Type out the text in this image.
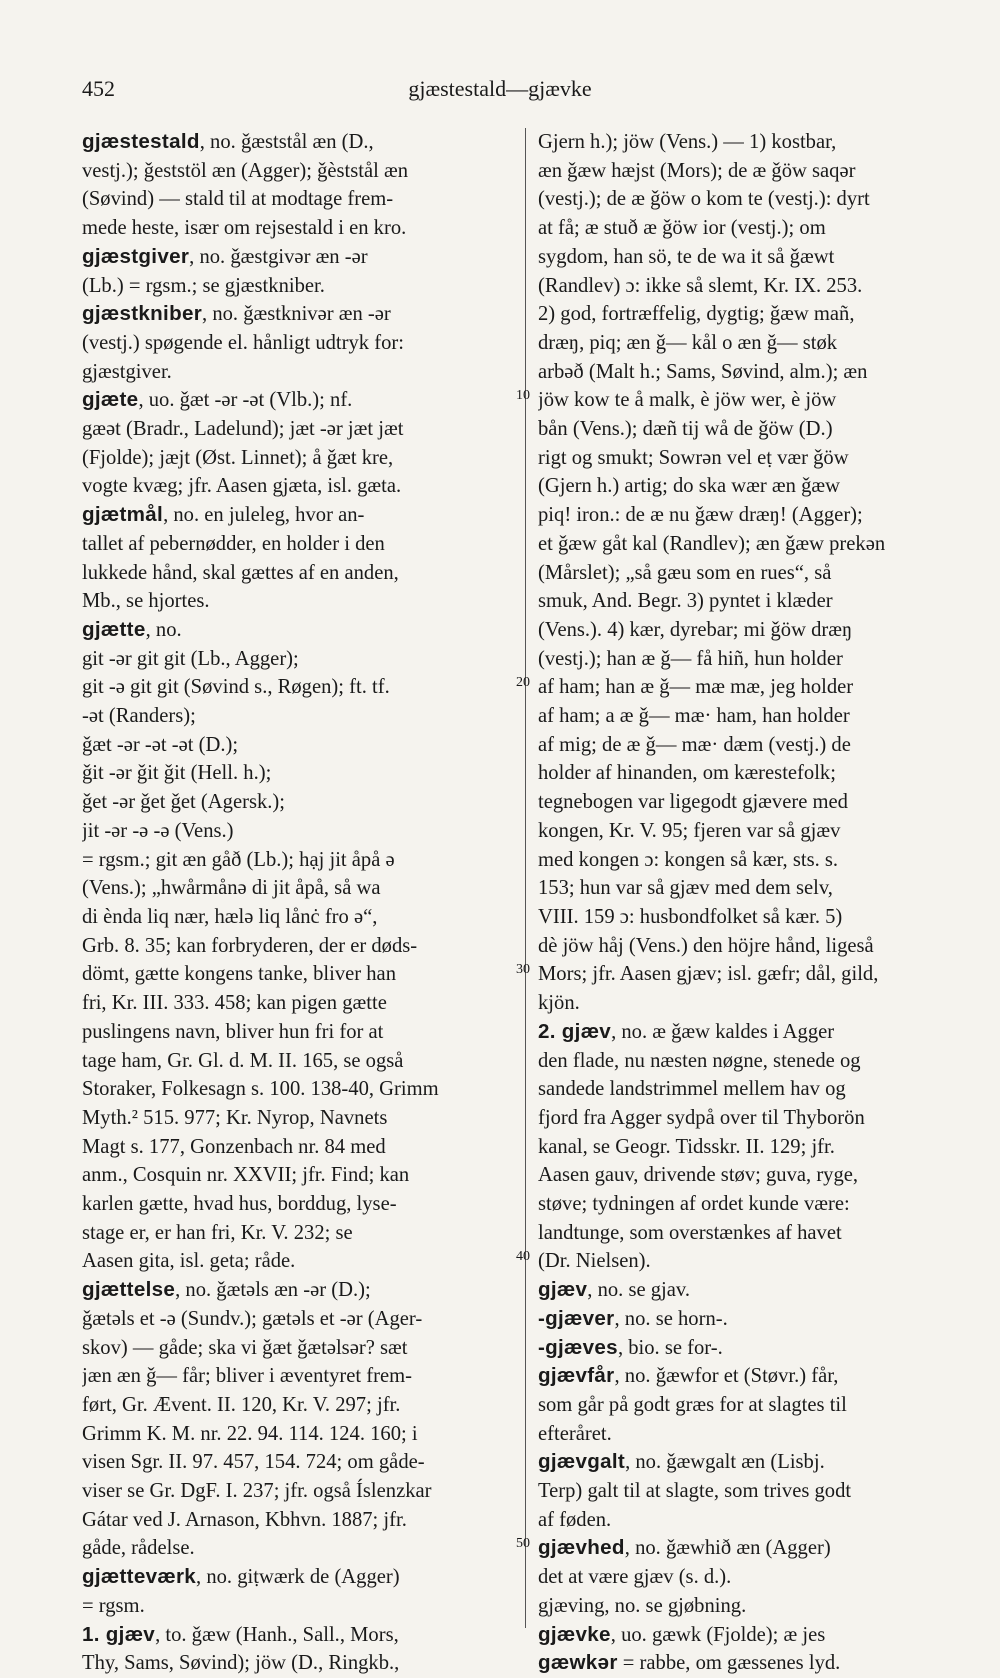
452	gjæstestald—gjævke
gjæstestald, no. ǧæststål æn (D.,
vestj.); ǧeststöl æn (Agger); ǧèststål æn
(Søvind) — stald til at modtage frem-
mede heste, især om rejsestald i en kro.
gjæstgiver, no. ǧæstgivər æn -ər
(Lb.) = rgsm.; se gjæstkniber.
gjæstkniber, no. ǧæstknivər æn -ər
(vestj.) spøgende el. hånligt udtryk for:
gjæstgiver.
gjæte, uo. ǧæt -ər -ət (Vlb.); nf.
gæət (Bradr., Ladelund); jæt -ər jæt jæt
(Fjolde); jæjt (Øst. Linnet); å ǧæt kre,
vogte kvæg; jfr. Aasen gjæta, isl. gæta.
gjætmål, no. en juleleg, hvor an-
tallet af pebernødder, en holder i den
lukkede hånd, skal gættes af en anden,
Mb., se hjortes.
gjætte, no.
git -ər git git (Lb., Agger);
git -ə git git (Søvind s., Røgen); ft. tf.
-ət (Randers);
ǧæt -ər -ət -ət (D.);
ǧit -ər ǧit ǧit (Hell. h.);
ǧet -ər ǧet ǧet (Agersk.);
jit -ər -ə -ə (Vens.)
= rgsm.; git æn gåð (Lb.); hạj jit åpå ə
(Vens.); „hwårmånə di jit åpå, så wa
di ènda liq nær, hælə liq lånċ fro ə“,
Grb. 8. 35; kan forbryderen, der er døds-
dömt, gætte kongens tanke, bliver han
fri, Kr. III. 333. 458; kan pigen gætte
puslingens navn, bliver hun fri for at
tage ham, Gr. Gl. d. M. II. 165, se også
Storaker, Folkesagn s. 100. 138-40, Grimm
Myth.² 515. 977; Kr. Nyrop, Navnets
Magt s. 177, Gonzenbach nr. 84 med
anm., Cosquin nr. XXVII; jfr. Find; kan
karlen gætte, hvad hus, borddug, lyse-
stage er, er han fri, Kr. V. 232; se
Aasen gita, isl. geta; råde.
gjættelse, no. ǧætəls æn -ər (D.);
ǧætəls et -ə (Sundv.); gætəls et -ər (Ager-
skov) — gåde; ska vi ǧæt ǧætəlsər? sæt
jæn æn ǧ— får; bliver i æventyret frem-
ført, Gr. Ævent. II. 120, Kr. V. 297; jfr.
Grimm K. M. nr. 22. 94. 114. 124. 160; i
visen Sgr. II. 97. 457, 154. 724; om gåde-
viser se Gr. DgF. I. 237; jfr. også Íslenzkar
Gátar ved J. Arnason, Kbhvn. 1887; jfr.
gåde, rådelse.
gjætteværk, no. giṭwærk de (Agger)
= rgsm.
1. gjæv, to. ǧæw (Hanh., Sall., Mors,
Thy, Sams, Søvind); jöw (D., Ringkb.,
Gjern h.); jöw (Vens.) — 1) kostbar,
æn ǧæw hæjst (Mors); de æ ǧöw saqər
(vestj.); de æ ǧöw o kom te (vestj.): dyrt
at få; æ stuð æ ǧöw ior (vestj.); om
sygdom, han sö, te de wa it så ǧæwt
(Randlev) ɔ: ikke så slemt, Kr. IX. 253.
2) god, fortræffelig, dygtig; ǧæw mañ,
dræŋ, piq; æn ǧ— kål o æn ǧ— støk
arbəð (Malt h.; Sams, Søvind, alm.); æn
jöw kow te å malk, è jöw wer, è jöw
bån (Vens.); dæñ tij wå de ǧöw (D.)
rigt og smukt; Sowrən vel eṭ vær ǧöw
(Gjern h.) artig; do ska wær æn ǧæw
piq! iron.: de æ nu ǧæw dræŋ! (Agger);
et ǧæw gåt kal (Randlev); æn ǧæw prekən
(Mårslet); „så gæu som en rues“, så
smuk, And. Begr. 3) pyntet i klæder
(Vens.). 4) kær, dyrebar; mi ǧöw dræŋ
(vestj.); han æ ǧ— få hiñ, hun holder
af ham; han æ ǧ— mæ mæ, jeg holder
af ham; a æ ǧ— mæ· ham, han holder
af mig; de æ ǧ— mæ· dæm (vestj.) de
holder af hinanden, om kærestefolk;
tegnebogen var ligegodt gjævere med
kongen, Kr. V. 95; fjeren var så gjæv
med kongen ɔ: kongen så kær, sts. s.
153; hun var så gjæv med dem selv,
VIII. 159 ɔ: husbondfolket så kær. 5)
dè jöw håj (Vens.) den höjre hånd, ligeså
Mors; jfr. Aasen gjæv; isl. gæfr; dål, gild,
kjön.
2. gjæv, no. æ ǧæw kaldes i Agger
den flade, nu næsten nøgne, stenede og
sandede landstrimmel mellem hav og
fjord fra Agger sydpå over til Thyborön
kanal, se Geogr. Tidsskr. II. 129; jfr.
Aasen gauv, drivende støv; guva, ryge,
støve; tydningen af ordet kunde være:
landtunge, som overstænkes af havet
(Dr. Nielsen).
gjæv, no. se gjav.
-gjæver, no. se horn-.
-gjæves, bio. se for-.
gjævfår, no. ǧæwfor et (Støvr.) får,
som går på godt græs for at slagtes til
efteråret.
gjævgalt, no. ǧæwgalt æn (Lisbj.
Terp) galt til at slagte, som trives godt
af føden.
gjævhed, no. ǧæwhið æn (Agger)
det at være gjæv (s. d.).
gjæving, no. se gjøbning.
gjævke, uo. gæwk (Fjolde); æ jes
gæwkər = rabbe, om gæssenes lyd.
10
20
30
40
50
